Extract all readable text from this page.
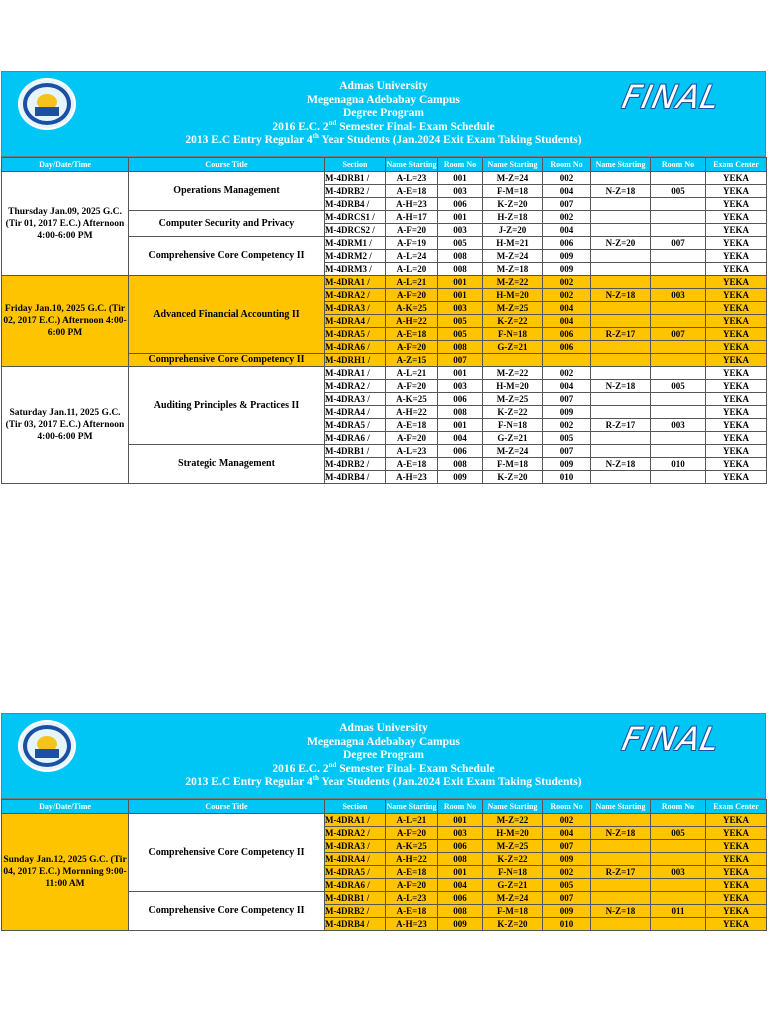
Admas University
Megenagna Adebabay Campus
Degree Program
2016 E.C. 2nd Semester Final- Exam Schedule
2013 E.C Entry Regular 4th Year Students (Jan.2024 Exit Exam Taking Students)
FINAL
Day/Date/Time	Course Title	Section	Name Starting	Room No	Name Starting	Room No	Name Starting	Room No	Exam Center
Thursday Jan.09, 2025 G.C. (Tir 01, 2017 E.C.) Afternoon 4:00-6:00 PM	Operations Management	M-4DRB1 /	A-L=23	001	M-Z=24	002			YEKA
		M-4DRB2 /	A-E=18	003	F-M=18	004	N-Z=18	005	YEKA
		M-4DRB4 /	A-H=23	006	K-Z=20	007			YEKA
	Computer Security and Privacy	M-4DRCS1 /	A-H=17	001	H-Z=18	002			YEKA
		M-4DRCS2 /	A-F=20	003	J-Z=20	004			YEKA
	Comprehensive Core Competency II	M-4DRM1 /	A-F=19	005	H-M=21	006	N-Z=20	007	YEKA
		M-4DRM2 /	A-L=24	008	M-Z=24	009			YEKA
		M-4DRM3 /	A-L=20	008	M-Z=18	009			YEKA
Friday Jan.10, 2025 G.C. (Tir 02, 2017 E.C.) Afternoon 4:00-6:00 PM	Advanced Financial Accounting II	M-4DRA1 /	A-L=21	001	M-Z=22	002			YEKA
		M-4DRA2 /	A-F=20	001	H-M=20	002	N-Z=18	003	YEKA
		M-4DRA3 /	A-K=25	003	M-Z=25	004			YEKA
		M-4DRA4 /	A-H=22	005	K-Z=22	004			YEKA
		M-4DRA5 /	A-E=18	005	F-N=18	006	R-Z=17	007	YEKA
		M-4DRA6 /	A-F=20	008	G-Z=21	006			YEKA
	Comprehensive Core Competency II	M-4DRH1 /	A-Z=15	007					YEKA
Saturday Jan.11, 2025 G.C. (Tir 03, 2017 E.C.) Afternoon 4:00-6:00 PM	Auditing Principles & Practices II	M-4DRA1 /	A-L=21	001	M-Z=22	002			YEKA
		M-4DRA2 /	A-F=20	003	H-M=20	004	N-Z=18	005	YEKA
		M-4DRA3 /	A-K=25	006	M-Z=25	007			YEKA
		M-4DRA4 /	A-H=22	008	K-Z=22	009			YEKA
		M-4DRA5 /	A-E=18	001	F-N=18	002	R-Z=17	003	YEKA
		M-4DRA6 /	A-F=20	004	G-Z=21	005			YEKA
	Strategic Management	M-4DRB1 /	A-L=23	006	M-Z=24	007			YEKA
		M-4DRB2 /	A-E=18	008	F-M=18	009	N-Z=18	010	YEKA
		M-4DRB4 /	A-H=23	009	K-Z=20	010			YEKA
Admas University
Megenagna Adebabay Campus
Degree Program
2016 E.C. 2nd Semester Final- Exam Schedule
2013 E.C Entry Regular 4th Year Students (Jan.2024 Exit Exam Taking Students)
FINAL
Day/Date/Time	Course Title	Section	Name Starting	Room No	Name Starting	Room No	Name Starting	Room No	Exam Center
Sunday Jan.12, 2025 G.C. (Tir 04, 2017 E.C.) Mornning 9:00-11:00 AM	Comprehensive Core Competency II	M-4DRA1 /	A-L=21	001	M-Z=22	002			YEKA
		M-4DRA2 /	A-F=20	003	H-M=20	004	N-Z=18	005	YEKA
		M-4DRA3 /	A-K=25	006	M-Z=25	007			YEKA
		M-4DRA4 /	A-H=22	008	K-Z=22	009			YEKA
		M-4DRA5 /	A-E=18	001	F-N=18	002	R-Z=17	003	YEKA
		M-4DRA6 /	A-F=20	004	G-Z=21	005			YEKA
	Comprehensive Core Competency II	M-4DRB1 /	A-L=23	006	M-Z=24	007			YEKA
		M-4DRB2 /	A-E=18	008	F-M=18	009	N-Z=18	011	YEKA
		M-4DRB4 /	A-H=23	009	K-Z=20	010			YEKA
